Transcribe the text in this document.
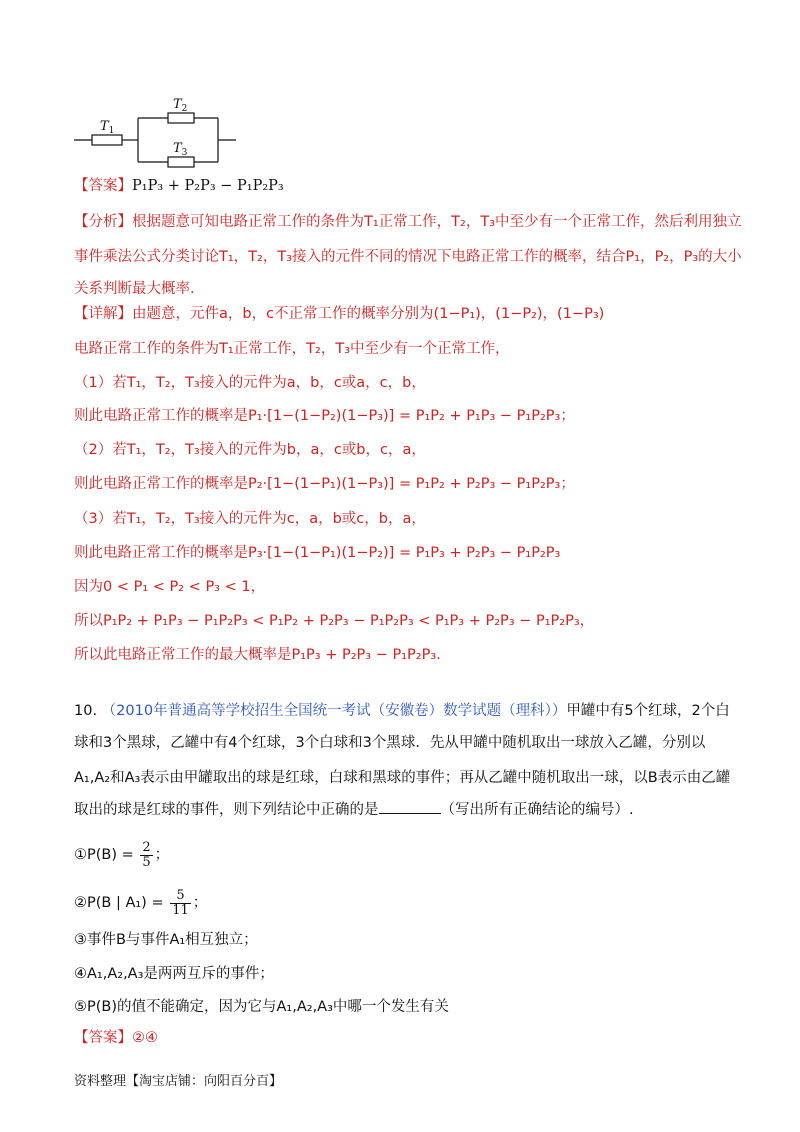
$T_1$
$T_2$
$T_3$
【答案】P₁P₃ + P₂P₃ − P₁P₂P₃
【分析】根据题意可知电路正常工作的条件为T₁正常工作，T₂，T₃中至少有一个正常工作，然后利用独立
事件乘法公式分类讨论T₁，T₂，T₃接入的元件不同的情况下电路正常工作的概率，结合P₁，P₂，P₃的大小
关系判断最大概率.
【详解】由题意，元件a，b，c不正常工作的概率分别为(1−P₁)，(1−P₂)，(1−P₃)
电路正常工作的条件为T₁正常工作，T₂，T₃中至少有一个正常工作，
（1）若T₁，T₂，T₃接入的元件为a，b，c或a，c，b，
则此电路正常工作的概率是P₁·[1−(1−P₂)(1−P₃)] = P₁P₂ + P₁P₃ − P₁P₂P₃；
（2）若T₁，T₂，T₃接入的元件为b，a，c或b，c，a，
则此电路正常工作的概率是P₂·[1−(1−P₁)(1−P₃)] = P₁P₂ + P₂P₃ − P₁P₂P₃；
（3）若T₁，T₂，T₃接入的元件为c，a，b或c，b，a，
则此电路正常工作的概率是P₃·[1−(1−P₁)(1−P₂)] = P₁P₃ + P₂P₃ − P₁P₂P₃
因为0 < P₁ < P₂ < P₃ < 1，
所以P₁P₂ + P₁P₃ − P₁P₂P₃ < P₁P₂ + P₂P₃ − P₁P₂P₃ < P₁P₃ + P₂P₃ − P₁P₂P₃，
所以此电路正常工作的最大概率是P₁P₃ + P₂P₃ − P₁P₂P₃.
10. （2010年普通高等学校招生全国统一考试（安徽卷）数学试题（理科））甲罐中有5个红球，2个白
球和3个黑球，乙罐中有4个红球，3个白球和3个黑球．先从甲罐中随机取出一球放入乙罐，分别以
A₁,A₂和A₃表示由甲罐取出的球是红球，白球和黑球的事件；再从乙罐中随机取出一球，以B表示由乙罐
取出的球是红球的事件，则下列结论中正确的是	（写出所有正确结论的编号）.
①P(B) = $\frac{2}{5}$ ；
②P(B | $A_1) = \frac{5}{11}$ ；
③事件B与事件A₁相互独立；
④A₁,A₂,A₃是两两互斥的事件；
⑤P(B)的值不能确定，因为它与A₁,A₂,A₃中哪一个发生有关
【答案】②④
资料整理【淘宝店铺：向阳百分百】
